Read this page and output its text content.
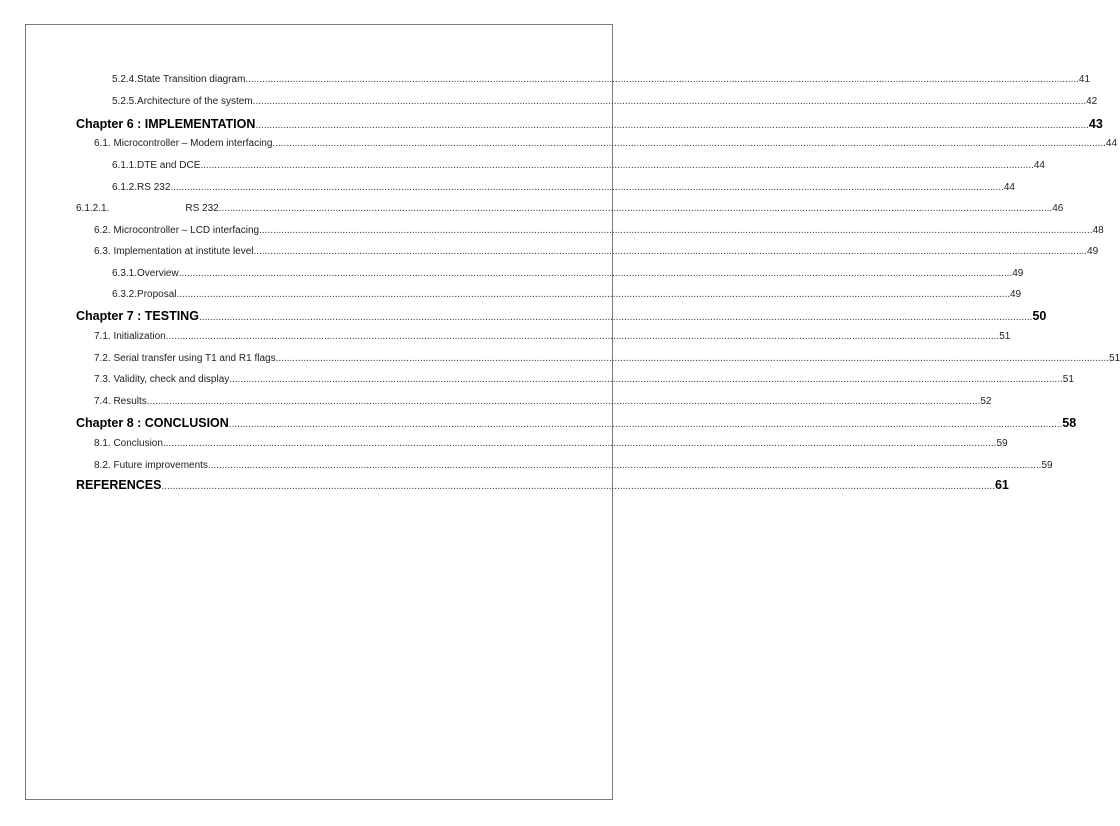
5.2.4.State Transition diagram ............................................................................................................................................................................................................................................................................................................ 41
5.2.5.Architecture of the system ............................................................................................................................................................................................................................................................................................................ 42
Chapter 6 : IMPLEMENTATION ............................................................................................................................................................................................................................................................................................................ 43
6.1. Microcontroller – Modem interfacing ............................................................................................................................................................................................................................................................................................................ 44
6.1.1.DTE and DCE ............................................................................................................................................................................................................................................................................................................ 44
6.1.2.RS 232 ............................................................................................................................................................................................................................................................................................................ 44
6.1.2.1.	RS 232 ............................................................................................................................................................................................................................................................................................................ 46
6.2. Microcontroller – LCD interfacing ............................................................................................................................................................................................................................................................................................................ 48
6.3. Implementation at institute level ............................................................................................................................................................................................................................................................................................................ 49
6.3.1.Overview ............................................................................................................................................................................................................................................................................................................ 49
6.3.2.Proposal ............................................................................................................................................................................................................................................................................................................ 49
Chapter 7 : TESTING ............................................................................................................................................................................................................................................................................................................ 50
7.1. Initialization ............................................................................................................................................................................................................................................................................................................ 51
7.2. Serial transfer using T1 and R1 flags ............................................................................................................................................................................................................................................................................................................ 51
7.3. Validity, check and display ............................................................................................................................................................................................................................................................................................................ 51
7.4. Results ............................................................................................................................................................................................................................................................................................................ 52
Chapter 8 : CONCLUSION ............................................................................................................................................................................................................................................................................................................ 58
8.1. Conclusion ............................................................................................................................................................................................................................................................................................................ 59
8.2. Future improvements ............................................................................................................................................................................................................................................................................................................ 59
REFERENCES ............................................................................................................................................................................................................................................................................................................ 61
